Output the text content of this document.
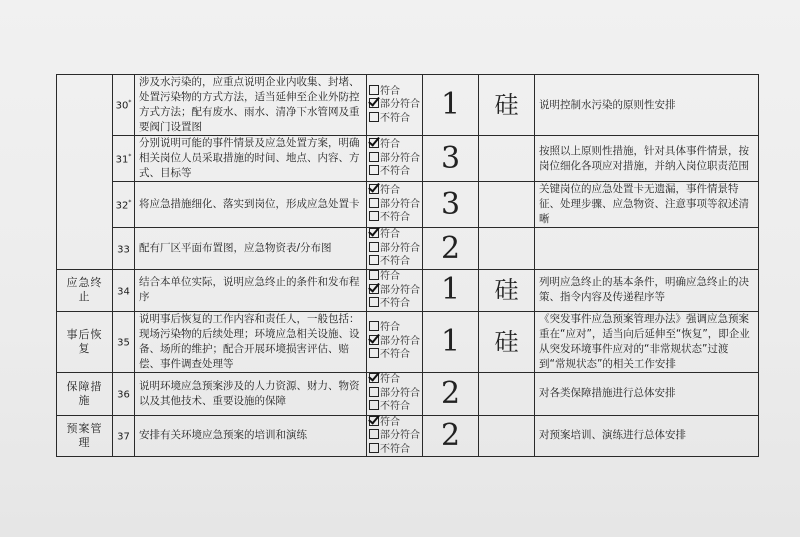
	30*	涉及水污染的，应重点说明企业内收集、封堵、处置污染物的方式方法，适当延伸至企业外防控方式方法；配有废水、雨水、清净下水管网及重要阀门设置图	符合
部分符合
不符合	1	硅	说明控制水污染的原则性安排
	31*	分别说明可能的事件情景及应急处置方案，明确相关岗位人员采取措施的时间、地点、内容、方式、目标等	符合
部分符合
不符合	3		按照以上原则性措施，针对具体事件情景，按岗位细化各项应对措施，并纳入岗位职责范围
	32*	将应急措施细化、落实到岗位，形成应急处置卡	符合
部分符合
不符合	3		关键岗位的应急处置卡无遗漏，事件情景特征、处理步骤、应急物资、注意事项等叙述清晰
	33	配有厂区平面布置图，应急物资表/分布图	符合
部分符合
不符合	2		
应急终止	34	结合本单位实际，说明应急终止的条件和发布程序	符合
部分符合
不符合	1	硅	列明应急终止的基本条件，明确应急终止的决策、指令内容及传递程序等
事后恢复	35	说明事后恢复的工作内容和责任人，一般包括：现场污染物的后续处理；环境应急相关设施、设备、场所的维护；配合开展环境损害评估、赔偿、事件调查处理等	符合
部分符合
不符合	1	硅	《突发事件应急预案管理办法》强调应急预案重在“应对”，适当向后延伸至“恢复”，即企业从突发环境事件应对的“非常规状态”过渡到“常规状态”的相关工作安排
保障措施	36	说明环境应急预案涉及的人力资源、财力、物资以及其他技术、重要设施的保障	符合
部分符合
不符合	2		对各类保障措施进行总体安排
预案管理	37	安排有关环境应急预案的培训和演练	符合
部分符合
不符合	2		对预案培训、演练进行总体安排
